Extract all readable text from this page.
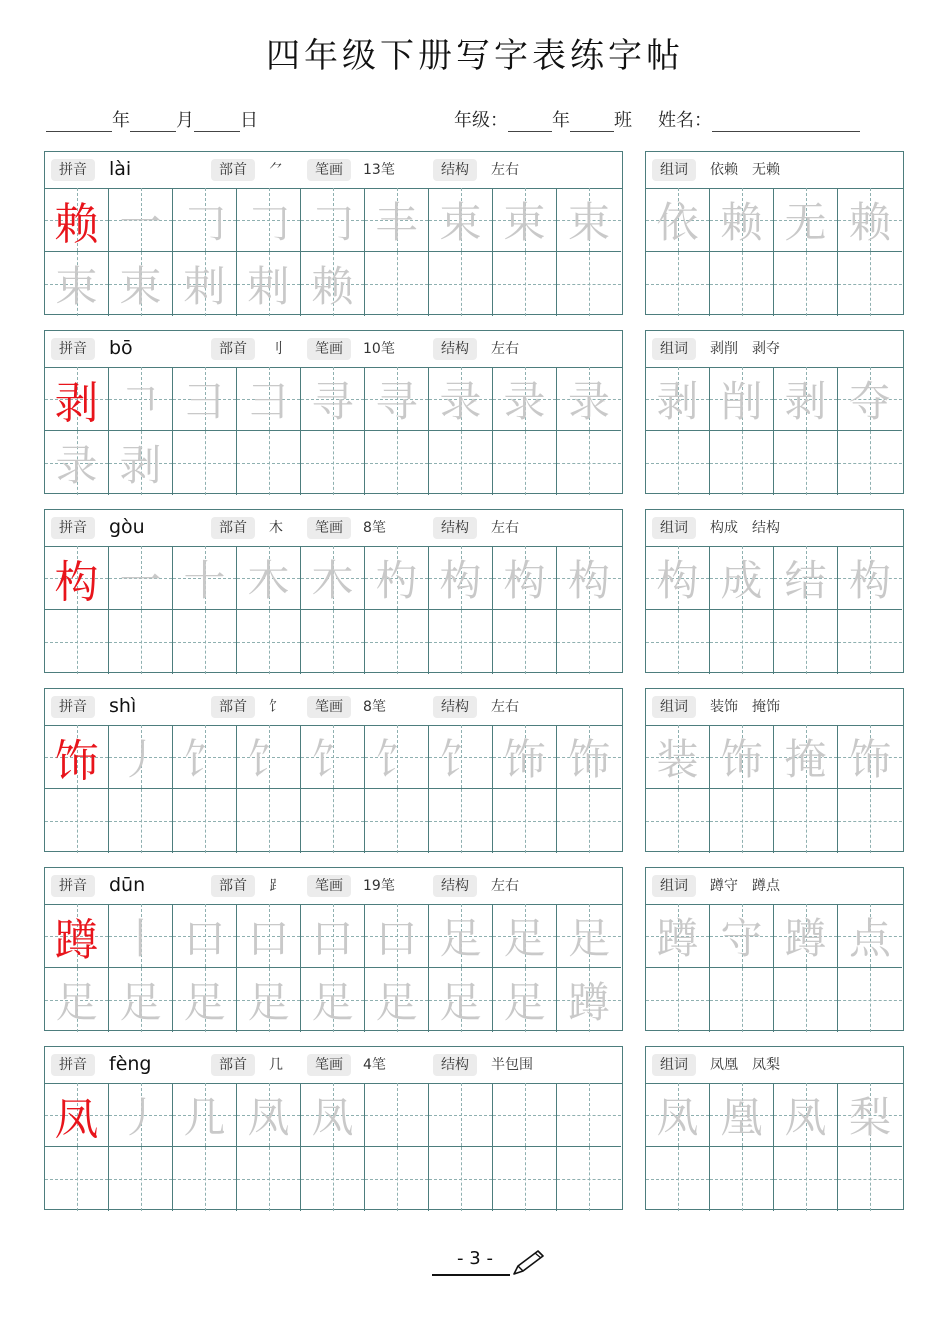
四年级下册写字表练字帖
年	月	日	年级： 年 班 姓名：
拼音	lài	部首	⺈	笔画	13笔	结构	左右
赖 一 𠃌 𠃌 𠃌 丰 束 束 束
束 束 剌 剌 赖
组词	依赖　无赖
依 赖 无 赖
拼音	bō	部首	刂	笔画	10笔	结构	左右
剥 𠃍 彐 彐 寻 寻 录 录 录
录 剥
组词	剥削　剥夺
剥 削 剥 夺
拼音	gòu	部首	木	笔画	8笔	结构	左右
构 一 十 木 木 杓 构 构 构
组词	构成　结构
构 成 结 构
拼音	shì	部首	饣	笔画	8笔	结构	左右
饰 丿 饣 饣 饣 饣 饣 饰 饰
组词	装饰　掩饰
装 饰 掩 饰
拼音	dūn	部首	⻊	笔画	19笔	结构	左右
蹲 丨 口 口 口 口 足 足 足
足 足 足 足 足 足 足 足 蹲
组词	蹲守　蹲点
蹲 守 蹲 点
拼音	fèng	部首	几	笔画	4笔	结构	半包围
凤 丿 几 凤 凤
组词	凤凰　凤梨
凤 凰 凤 梨
- 3 -
